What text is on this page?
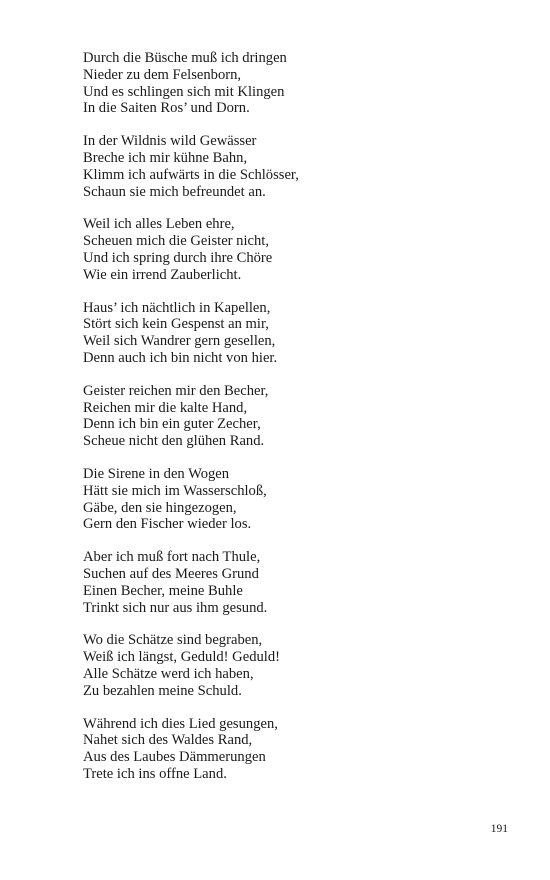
Durch die Büsche muß ich dringen
Nieder zu dem Felsenborn,
Und es schlingen sich mit Klingen
In die Saiten Ros’ und Dorn.
In der Wildnis wild Gewässer
Breche ich mir kühne Bahn,
Klimm ich aufwärts in die Schlösser,
Schaun sie mich befreundet an.
Weil ich alles Leben ehre,
Scheuen mich die Geister nicht,
Und ich spring durch ihre Chöre
Wie ein irrend Zauberlicht.
Haus’ ich nächtlich in Kapellen,
Stört sich kein Gespenst an mir,
Weil sich Wandrer gern gesellen,
Denn auch ich bin nicht von hier.
Geister reichen mir den Becher,
Reichen mir die kalte Hand,
Denn ich bin ein guter Zecher,
Scheue nicht den glühen Rand.
Die Sirene in den Wogen
Hätt sie mich im Wasserschloß,
Gäbe, den sie hingezogen,
Gern den Fischer wieder los.
Aber ich muß fort nach Thule,
Suchen auf des Meeres Grund
Einen Becher, meine Buhle
Trinkt sich nur aus ihm gesund.
Wo die Schätze sind begraben,
Weiß ich längst, Geduld! Geduld!
Alle Schätze werd ich haben,
Zu bezahlen meine Schuld.
Während ich dies Lied gesungen,
Nahet sich des Waldes Rand,
Aus des Laubes Dämmerungen
Trete ich ins offne Land.
191
